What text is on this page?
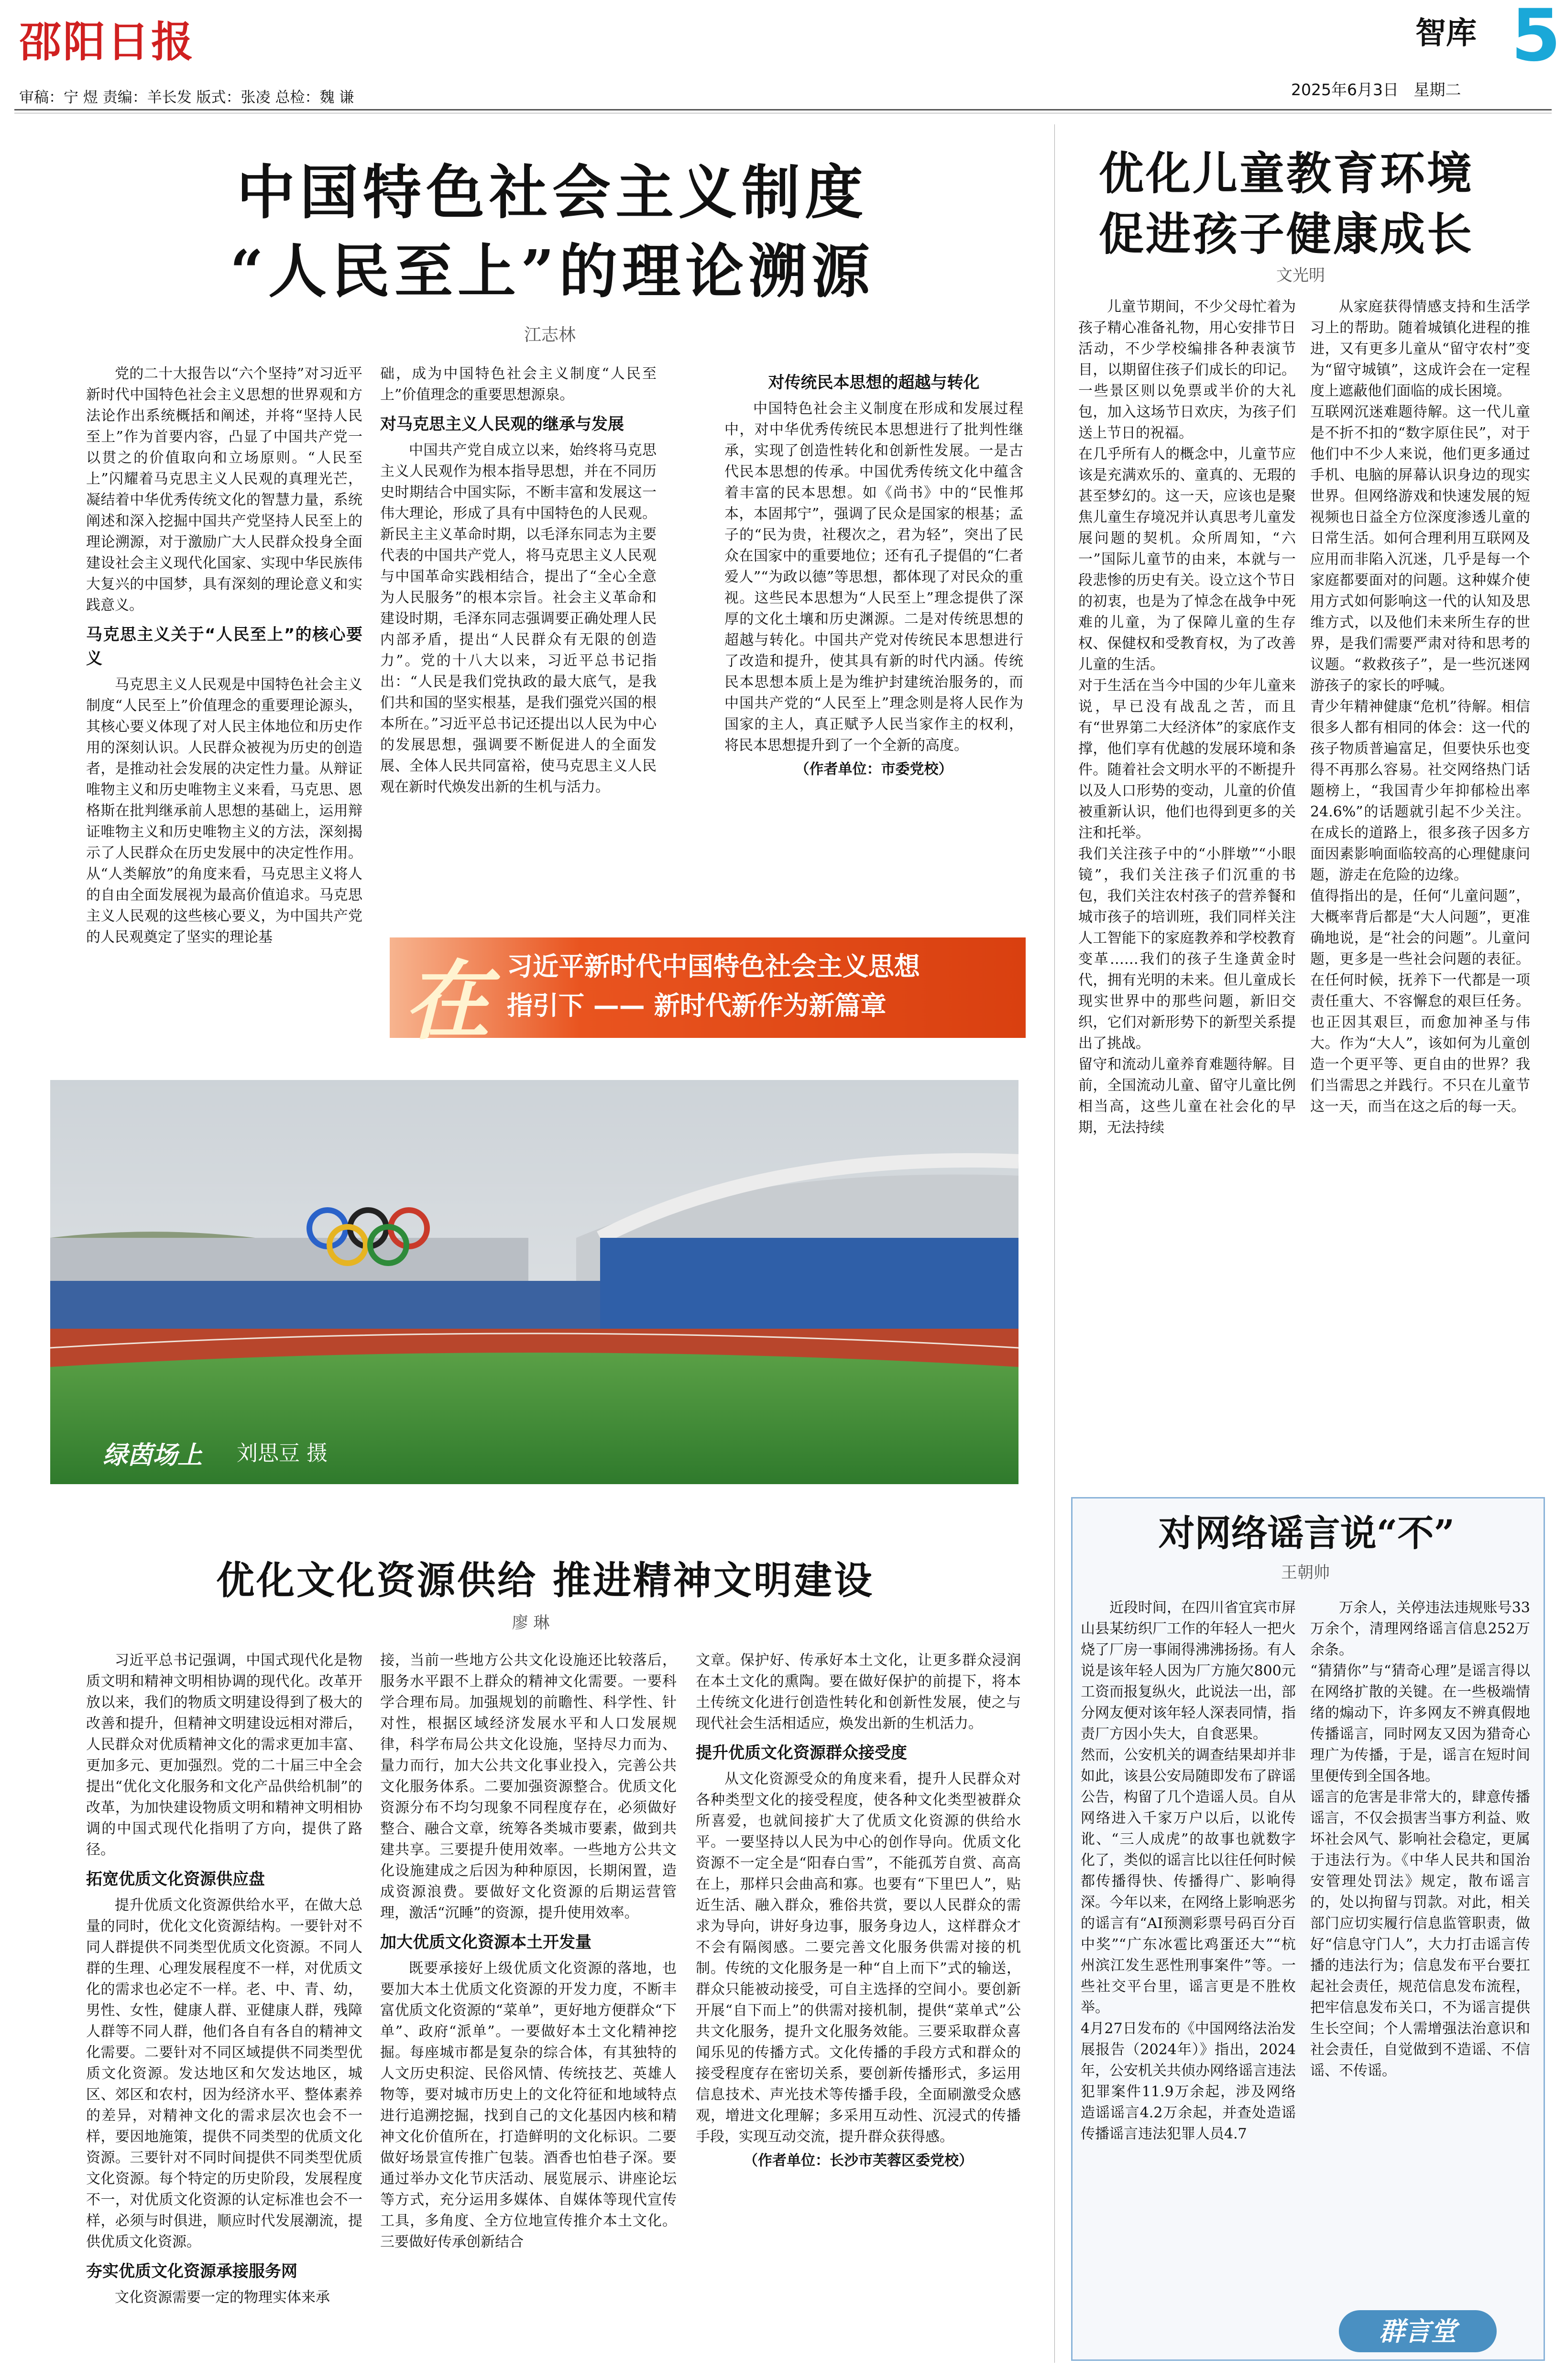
邵阳日报	智库 5
审稿：宁 煜 责编：羊长发 版式：张凌 总检：魏 谦	2025年6月3日 星期二
中国特色社会主义制度
“人民至上”的理论溯源
江志林

党的二十大报告以“六个坚持”对习近平新时代中国特色社会主义思想的世界观和方法论作出系统概括和阐述，并将“坚持人民至上”作为首要内容，凸显了中国共产党一以贯之的价值取向和立场原则。“人民至上”闪耀着马克思主义人民观的真理光芒，凝结着中华优秀传统文化的智慧力量，系统阐述和深入挖掘中国共产党坚持人民至上的理论溯源，对于激励广大人民群众投身全面建设社会主义现代化国家、实现中华民族伟大复兴的中国梦，具有深刻的理论意义和实践意义。

马克思主义关于“人民至上”的核心要义

马克思主义人民观是中国特色社会主义制度“人民至上”价值理念的重要理论源头，其核心要义体现了对人民主体地位和历史作用的深刻认识。人民群众被视为历史的创造者，是推动社会发展的决定性力量。从辩证唯物主义和历史唯物主义来看，马克思、恩格斯在批判继承前人思想的基础上，运用辩证唯物主义和历史唯物主义的方法，深刻揭示了人民群众在历史发展中的决定性作用。从“人类解放”的角度来看，马克思主义将人的自由全面发展视为最高价值追求。马克思主义人民观的这些核心要义，为中国共产党的人民观奠定了坚实的理论基

础，成为中国特色社会主义制度“人民至上”价值理念的重要思想源泉。

对马克思主义人民观的继承与发展

中国共产党自成立以来，始终将马克思主义人民观作为根本指导思想，并在不同历史时期结合中国实际，不断丰富和发展这一伟大理论，形成了具有中国特色的人民观。新民主主义革命时期，以毛泽东同志为主要代表的中国共产党人，将马克思主义人民观与中国革命实践相结合，提出了“全心全意为人民服务”的根本宗旨。社会主义革命和建设时期，毛泽东同志强调要正确处理人民内部矛盾，提出“人民群众有无限的创造力”。党的十八大以来，习近平总书记指出：“人民是我们党执政的最大底气，是我们共和国的坚实根基，是我们强党兴国的根本所在。”习近平总书记还提出以人民为中心的发展思想，强调要不断促进人的全面发展、全体人民共同富裕，使马克思主义人民观在新时代焕发出新的生机与活力。

对传统民本思想的超越与转化

中国特色社会主义制度在形成和发展过程中，对中华优秀传统民本思想进行了批判性继承，实现了创造性转化和创新性发展。一是古代民本思想的传承。中国优秀传统文化中蕴含着丰富的民本思想。如《尚书》中的“民惟邦本，本固邦宁”，强调了民众是国家的根基；孟子的“民为贵，社稷次之，君为轻”，突出了民众在国家中的重要地位；还有孔子提倡的“仁者爱人”“为政以德”等思想，都体现了对民众的重视。这些民本思想为“人民至上”理念提供了深厚的文化土壤和历史渊源。二是对传统思想的超越与转化。中国共产党对传统民本思想进行了改造和提升，使其具有新的时代内涵。传统民本思想本质上是为维护封建统治服务的，而中国共产党的“人民至上”理念则是将人民作为国家的主人，真正赋予人民当家作主的权利，将民本思想提升到了一个全新的高度。

（作者单位：市委党校）
在 习近平新时代中国特色社会主义思想
指引下 —— 新时代新作为新篇章
绿茵场上 刘思豆 摄
优化儿童教育环境
促进孩子健康成长
文光明
儿童节期间，不少父母忙着为孩子精心准备礼物，用心安排节日活动，不少学校编排各种表演节目，以期留住孩子们成长的印记。一些景区则以免票或半价的大礼包，加入这场节日欢庆，为孩子们送上节日的祝福。
在几乎所有人的概念中，儿童节应该是充满欢乐的、童真的、无瑕的甚至梦幻的。这一天，应该也是聚焦儿童生存境况并认真思考儿童发展问题的契机。众所周知，“六一”国际儿童节的由来，本就与一段悲惨的历史有关。设立这个节日的初衷，也是为了悼念在战争中死难的儿童，为了保障儿童的生存权、保健权和受教育权，为了改善儿童的生活。
对于生活在当今中国的少年儿童来说，早已没有战乱之苦，而且有“世界第二大经济体”的家底作支撑，他们享有优越的发展环境和条件。随着社会文明水平的不断提升以及人口形势的变动，儿童的价值被重新认识，他们也得到更多的关注和托举。
我们关注孩子中的“小胖墩”“小眼镜”，我们关注孩子们沉重的书包，我们关注农村孩子的营养餐和城市孩子的培训班，我们同样关注人工智能下的家庭教养和学校教育变革……我们的孩子生逢黄金时代，拥有光明的未来。但儿童成长现实世界中的那些问题，新旧交织，它们对新形势下的新型关系提出了挑战。
留守和流动儿童养育难题待解。目前，全国流动儿童、留守儿童比例相当高，这些儿童在社会化的早期，无法持续
从家庭获得情感支持和生活学习上的帮助。随着城镇化进程的推进，又有更多儿童从“留守农村”变为“留守城镇”，这成许会在一定程度上遮蔽他们面临的成长困境。
互联网沉迷难题待解。这一代儿童是不折不扣的“数字原住民”，对于他们中不少人来说，他们更多通过手机、电脑的屏幕认识身边的现实世界。但网络游戏和快速发展的短视频也日益全方位深度渗透儿童的日常生活。如何合理利用互联网及应用而非陷入沉迷，几乎是每一个家庭都要面对的问题。这种媒介使用方式如何影响这一代的认知及思维方式，以及他们未来所生存的世界，是我们需要严肃对待和思考的议题。“救救孩子”，是一些沉迷网游孩子的家长的呼喊。
青少年精神健康“危机”待解。相信很多人都有相同的体会：这一代的孩子物质普遍富足，但要快乐也变得不再那么容易。社交网络热门话题榜上，“我国青少年抑郁检出率24.6%”的话题就引起不少关注。在成长的道路上，很多孩子因多方面因素影响面临较高的心理健康问题，游走在危险的边缘。
值得指出的是，任何“儿童问题”，大概率背后都是“大人问题”，更准确地说，是“社会的问题”。儿童问题，更多是一些社会问题的表征。在任何时候，抚养下一代都是一项责任重大、不容懈怠的艰巨任务。也正因其艰巨，而愈加神圣与伟大。作为“大人”，该如何为儿童创造一个更平等、更自由的世界？我们当需思之并践行。不只在儿童节这一天，而当在这之后的每一天。
优化文化资源供给 推进精神文明建设
廖 琳

习近平总书记强调，中国式现代化是物质文明和精神文明相协调的现代化。改革开放以来，我们的物质文明建设得到了极大的改善和提升，但精神文明建设远相对滞后，人民群众对优质精神文化的需求更加丰富、更加多元、更加强烈。党的二十届三中全会提出“优化文化服务和文化产品供给机制”的改革，为加快建设物质文明和精神文明相协调的中国式现代化指明了方向，提供了路径。

拓宽优质文化资源供应盘

提升优质文化资源供给水平，在做大总量的同时，优化文化资源结构。一要针对不同人群提供不同类型优质文化资源。不同人群的生理、心理发展程度不一样，对优质文化的需求也必定不一样。老、中、青、幼，男性、女性，健康人群、亚健康人群，残障人群等不同人群，他们各自有各自的精神文化需要。二要针对不同区域提供不同类型优质文化资源。发达地区和欠发达地区，城区、郊区和农村，因为经济水平、整体素养的差异，对精神文化的需求层次也会不一样，要因地施策，提供不同类型的优质文化资源。三要针对不同时间提供不同类型优质文化资源。每个特定的历史阶段，发展程度不一，对优质文化资源的认定标准也会不一样，必须与时俱进，顺应时代发展潮流，提供优质文化资源。

夯实优质文化资源承接服务网

文化资源需要一定的物理实体来承

接，当前一些地方公共文化设施还比较落后，服务水平跟不上群众的精神文化需要。一要科学合理布局。加强规划的前瞻性、科学性、针对性，根据区域经济发展水平和人口发展规律，科学布局公共文化设施，坚持尽力而为、量力而行，加大公共文化事业投入，完善公共文化服务体系。二要加强资源整合。优质文化资源分布不均匀现象不同程度存在，必须做好整合、融合文章，统筹各类城市要素，做到共建共享。三要提升使用效率。一些地方公共文化设施建成之后因为种种原因，长期闲置，造成资源浪费。要做好文化资源的后期运营管理，激活“沉睡”的资源，提升使用效率。

加大优质文化资源本土开发量

既要承接好上级优质文化资源的落地，也要加大本土优质文化资源的开发力度，不断丰富优质文化资源的“菜单”，更好地方便群众“下单”、政府“派单”。一要做好本土文化精神挖掘。每座城市都是复杂的综合体，有其独特的人文历史积淀、民俗风情、传统技艺、英雄人物等，要对城市历史上的文化符征和地域特点进行追溯挖掘，找到自己的文化基因内核和精神文化价值所在，打造鲜明的文化标识。二要做好场景宣传推广包装。酒香也怕巷子深。要通过举办文化节庆活动、展览展示、讲座论坛等方式，充分运用多媒体、自媒体等现代宣传工具，多角度、全方位地宣传推介本土文化。三要做好传承创新结合

文章。保护好、传承好本土文化，让更多群众浸润在本土文化的熏陶。要在做好保护的前提下，将本土传统文化进行创造性转化和创新性发展，使之与现代社会生活相适应，焕发出新的生机活力。

提升优质文化资源群众接受度

从文化资源受众的角度来看，提升人民群众对各种类型文化的接受程度，使各种文化类型被群众所喜爱，也就间接扩大了优质文化资源的供给水平。一要坚持以人民为中心的创作导向。优质文化资源不一定全是“阳春白雪”，不能孤芳自赏、高高在上，那样只会曲高和寡。也要有“下里巴人”，贴近生活、融入群众，雅俗共赏，要以人民群众的需求为导向，讲好身边事，服务身边人，这样群众才不会有隔阂感。二要完善文化服务供需对接的机制。传统的文化服务是一种“自上而下”式的输送，群众只能被动接受，可自主选择的空间小。要创新开展“自下而上”的供需对接机制，提供“菜单式”公共文化服务，提升文化服务效能。三要采取群众喜闻乐见的传播方式。文化传播的手段方式和群众的接受程度存在密切关系，要创新传播形式，多运用信息技术、声光技术等传播手段，全面刷激受众感观，增进文化理解；多采用互动性、沉浸式的传播手段，实现互动交流，提升群众获得感。

（作者单位：长沙市芙蓉区委党校）
对网络谣言说“不”
王朝帅
近段时间，在四川省宜宾市屏山县某纺织厂工作的年轻人一把火烧了厂房一事闹得沸沸扬扬。有人说是该年轻人因为厂方施欠800元工资而报复纵火，此说法一出，部分网友便对该年轻人深表同情，指责厂方因小失大，自食恶果。
然而，公安机关的调查结果却并非如此，该县公安局随即发布了辟谣公告，构留了几个造谣人员。自从网络进入千家万户以后，以讹传讹、“三人成虎”的故事也就数字化了，类似的谣言比以往任何时候都传播得快、传播得广、影响得深。今年以来，在网络上影响恶劣的谣言有“AI预测彩票号码百分百中奖”“广东冰雹比鸡蛋还大”“杭州滨江发生恶性刑事案件”等。一些社交平台里，谣言更是不胜枚举。
4月27日发布的《中国网络法治发展报告（2024年）》指出，2024年，公安机关共侦办网络谣言违法犯罪案件11.9万余起，涉及网络造谣谣言4.2万余起，并查处造谣传播谣言违法犯罪人员4.7
万余人，关停违法违规账号33万余个，清理网络谣言信息252万余条。
“猜猜你”与“猜奇心理”是谣言得以在网络扩散的关键。在一些极端情绪的煽动下，许多网友不辨真假地传播谣言，同时网友又因为猎奇心理广为传播，于是，谣言在短时间里便传到全国各地。
谣言的危害是非常大的，肆意传播谣言，不仅会损害当事方利益、败坏社会风气、影响社会稳定，更属于违法行为。《中华人民共和国治安管理处罚法》规定，散布谣言的，处以拘留与罚款。对此，相关部门应切实履行信息监管职责，做好“信息守门人”，大力打击谣言传播的违法行为；信息发布平台要扛起社会责任，规范信息发布流程，把牢信息发布关口，不为谣言提供生长空间；个人需增强法治意识和社会责任，自觉做到不造谣、不信谣、不传谣。
群言堂
